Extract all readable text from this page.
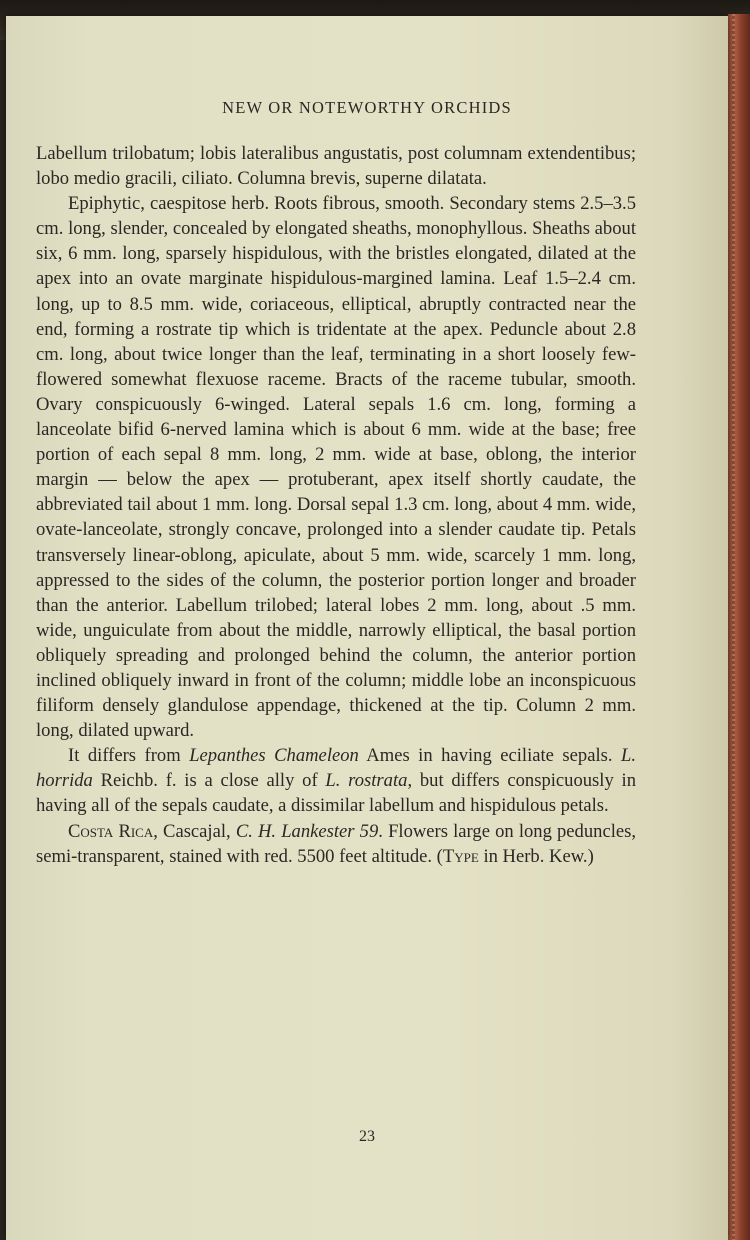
NEW OR NOTEWORTHY ORCHIDS

Labellum trilobatum; lobis lateralibus angustatis, post columnam extendentibus; lobo medio gracili, ciliato. Columna brevis, superne dilatata.

Epiphytic, caespitose herb. Roots fibrous, smooth. Secondary stems 2.5–3.5 cm. long, slender, concealed by elongated sheaths, monophyllous. Sheaths about six, 6 mm. long, sparsely hispidulous, with the bristles elongated, dilated at the apex into an ovate marginate hispidulous-margined lamina. Leaf 1.5–2.4 cm. long, up to 8.5 mm. wide, coriaceous, elliptical, abruptly contracted near the end, forming a rostrate tip which is tridentate at the apex. Peduncle about 2.8 cm. long, about twice longer than the leaf, terminating in a short loosely few-flowered somewhat flexuose raceme. Bracts of the raceme tubular, smooth. Ovary conspicuously 6-winged. Lateral sepals 1.6 cm. long, forming a lanceolate bifid 6-nerved lamina which is about 6 mm. wide at the base; free portion of each sepal 8 mm. long, 2 mm. wide at base, oblong, the interior margin — below the apex — protuberant, apex itself shortly caudate, the abbreviated tail about 1 mm. long. Dorsal sepal 1.3 cm. long, about 4 mm. wide, ovate-lanceolate, strongly concave, prolonged into a slender caudate tip. Petals transversely linear-oblong, apiculate, about 5 mm. wide, scarcely 1 mm. long, appressed to the sides of the column, the posterior portion longer and broader than the anterior. Labellum trilobed; lateral lobes 2 mm. long, about .5 mm. wide, unguiculate from about the middle, narrowly elliptical, the basal portion obliquely spreading and prolonged behind the column, the anterior portion inclined obliquely inward in front of the column; middle lobe an inconspicuous filiform densely glandulose appendage, thickened at the tip. Column 2 mm. long, dilated upward.

It differs from Lepanthes Chameleon Ames in having eciliate sepals. L. horrida Reichb. f. is a close ally of L. rostrata, but differs conspicuously in having all of the sepals caudate, a dissimilar labellum and hispidulous petals.

Costa Rica, Cascajal, C. H. Lankester 59. Flowers large on long peduncles, semi-transparent, stained with red. 5500 feet altitude. (Type in Herb. Kew.)

23
